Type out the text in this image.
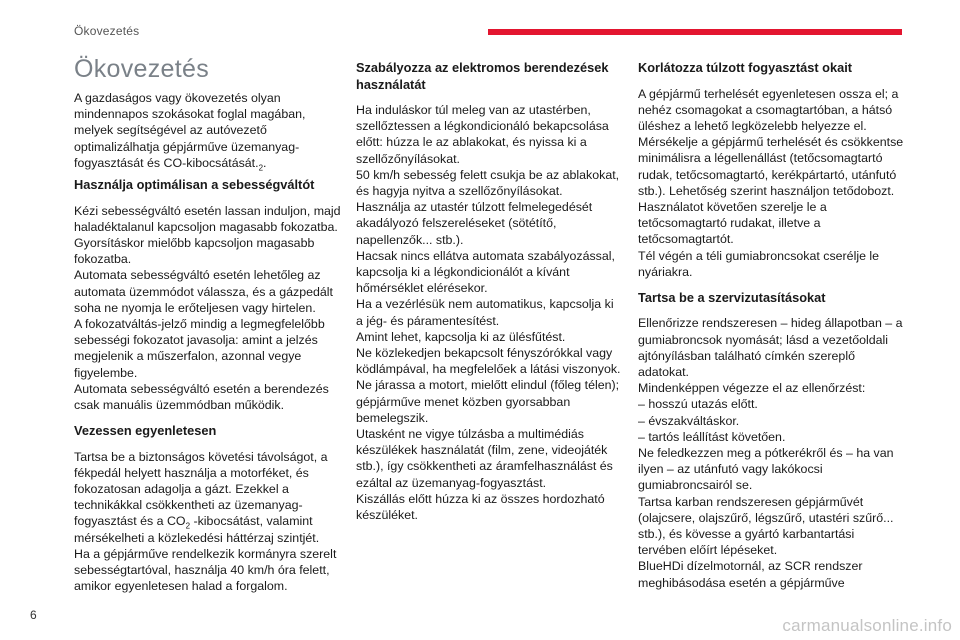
Ökovezetés
Ökovezetés

A gazdaságos vagy ökovezetés olyan mindennapos szokásokat foglal magában, melyek segítségével az autóvezető optimalizálhatja gépjárműve üzemanyag-fogyasztását és $CO-kibocsátását._2$.

Használja optimálisan a sebességváltót

Kézi sebességváltó esetén lassan induljon, majd haladéktalanul kapcsoljon magasabb fokozatba. Gyorsításkor mielőbb kapcsoljon magasabb fokozatba.
Automata sebességváltó esetén lehetőleg az automata üzemmódot válassza, és a gázpedált soha ne nyomja le erőteljesen vagy hirtelen.
A fokozatváltás-jelző mindig a legmegfelelőbb sebességi fokozatot javasolja: amint a jelzés megjelenik a műszerfalon, azonnal vegye figyelembe.
Automata sebességváltó esetén a berendezés csak manuális üzemmódban működik.

Vezessen egyenletesen

Tartsa be a biztonságos követési távolságot, a fékpedál helyett használja a motorféket, és fokozatosan adagolja a gázt. Ezekkel a technikákkal csökkentheti az üzemanyag-fogyasztást és a $CO_2$ -kibocsátást, valamint mérsékelheti a közlekedési háttérzaj szintjét.
Ha a gépjárműve rendelkezik kormányra szerelt sebességtartóval, használja 40 km/h óra felett, amikor egyenletesen halad a forgalom.

Szabályozza az elektromos berendezések használatát

Ha induláskor túl meleg van az utastérben, szellőztessen a légkondicionáló bekapcsolása előtt: húzza le az ablakokat, és nyissa ki a szellőzőnyílásokat.
50 km/h sebesség felett csukja be az ablakokat, és hagyja nyitva a szellőzőnyílásokat.
Használja az utastér túlzott felmelegedését akadályozó felszereléseket (sötétítő, napellenzők... stb.).
Hacsak nincs ellátva automata szabályozással, kapcsolja ki a légkondicionálót a kívánt hőmérséklet elérésekor.
Ha a vezérlésük nem automatikus, kapcsolja ki a jég- és páramentesítést.
Amint lehet, kapcsolja ki az ülésfűtést.
Ne közlekedjen bekapcsolt fényszórókkal vagy ködlámpával, ha megfelelőek a látási viszonyok.
Ne járassa a motort, mielőtt elindul (főleg télen); gépjárműve menet közben gyorsabban bemelegszik.
Utasként ne vigye túlzásba a multimédiás készülékek használatát (film, zene, videojáték stb.), így csökkentheti az áramfelhasználást és ezáltal az üzemanyag-fogyasztást.
Kiszállás előtt húzza ki az összes hordozható készüléket.

Korlátozza túlzott fogyasztást okait

A gépjármű terhelését egyenletesen ossza el; a nehéz csomagokat a csomagtartóban, a hátsó üléshez a lehető legközelebb helyezze el.
Mérsékelje a gépjármű terhelését és csökkentse minimálisra a légellenállást (tetőcsomagtartó rudak, tetőcsomagtartó, kerékpártartó, utánfutó stb.). Lehetőség szerint használjon tetődobozt.
Használatot követően szerelje le a tetőcsomagtartó rudakat, illetve a tetőcsomagtartót.
Tél végén a téli gumiabroncsokat cserélje le nyáriakra.

Tartsa be a szervizutasításokat

Ellenőrizze rendszeresen – hideg állapotban – a gumiabroncsok nyomását; lásd a vezetőoldali ajtónyílásban található címkén szereplő adatokat.
Mindenképpen végezze el az ellenőrzést:
– hosszú utazás előtt.
– évszakváltáskor.
– tartós leállítást követően.
Ne feledkezzen meg a pótkerékről és – ha van ilyen – az utánfutó vagy lakókocsi gumiabroncsairól se.
Tartsa karban rendszeresen gépjárművét (olajcsere, olajszűrő, légszűrő, utastéri szűrő... stb.), és kövesse a gyártó karbantartási tervében előírt lépéseket.
BlueHDi dízelmotornál, az SCR rendszer meghibásodása esetén a gépjárműve

6
carmanualsonline.info
